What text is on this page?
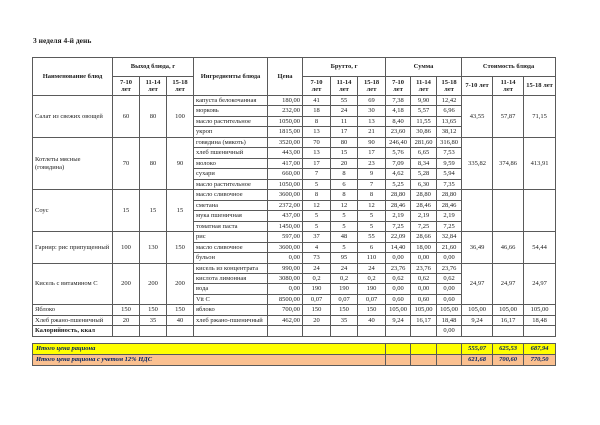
3 неделя 4-й день
Наименование блюд	Выход блюда, г			Ингредиенты блюда	Цена	Брутто, г			Сумма			Стоимость блюда		
	7-10 лет	11-14 лет	15-18 лет			7-10 лет	11-14 лет	15-18 лет	7-10 лет	11-14 лет	15-18 лет	7-10 лет	11-14 лет	15-18 лет
Салат из свежих овощей	60	80	100	капуста белокочанная	180,00	41	55	69	7,38	9,90	12,42	43,55	57,87	71,15
				морковь	232,00	18	24	30	4,18	5,57	6,96			
				масло растительное	1050,00	8	11	13	8,40	11,55	13,65			
				укроп	1815,00	13	17	21	23,60	30,86	38,12			
Котлеты мясные (говядина)	70	80	90	говядина (мякоть)	3520,00	70	80	90	246,40	281,60	316,80	335,82	374,86	413,91
				хлеб пшеничный	443,00	13	15	17	5,76	6,65	7,53			
				молоко	417,00	17	20	23	7,09	8,34	9,59			
				сухари	660,00	7	8	9	4,62	5,28	5,94			
				масло растительное	1050,00	5	6	7	5,25	6,30	7,35			
Соус	15	15	15	масло сливочное	3600,00	8	8	8	28,80	28,80	28,80			
				сметана	2372,00	12	12	12	28,46	28,46	28,46			
				мука пшеничная	437,00	5	5	5	2,19	2,19	2,19			
				томатная паста	1450,00	5	5	5	7,25	7,25	7,25			
Гарнир: рис припущенный	100	130	150	рис	597,00	37	48	55	22,09	28,66	32,84	36,49	46,66	54,44
				масло сливочное	3600,00	4	5	6	14,40	18,00	21,60			
				бульон	0,00	73	95	110	0,00	0,00	0,00			
Кисель с витамином С	200	200	200	кисель из концентрата	990,00	24	24	24	23,76	23,76	23,76	24,97	24,97	24,97
				кислота лимонная	3080,00	0,2	0,2	0,2	0,62	0,62	0,62			
				вода	0,00	190	190	190	0,00	0,00	0,00			
				Vit C	8500,00	0,07	0,07	0,07	0,60	0,60	0,60			
Яблоко	150	150	150	яблоко	700,00	150	150	150	105,00	105,00	105,00	105,00	105,00	105,00
Хлеб ржано-пшеничный	20	35	40	хлеб ржано-пшеничный	462,00	20	35	40	9,24	16,17	18,48	9,24	16,17	18,48
Калорийность, ккал											0,00			

Итого цена рациона												555,07	625,53	687,94
Итого цена рациона с учетом 12% НДС												621,68	700,60	770,50
